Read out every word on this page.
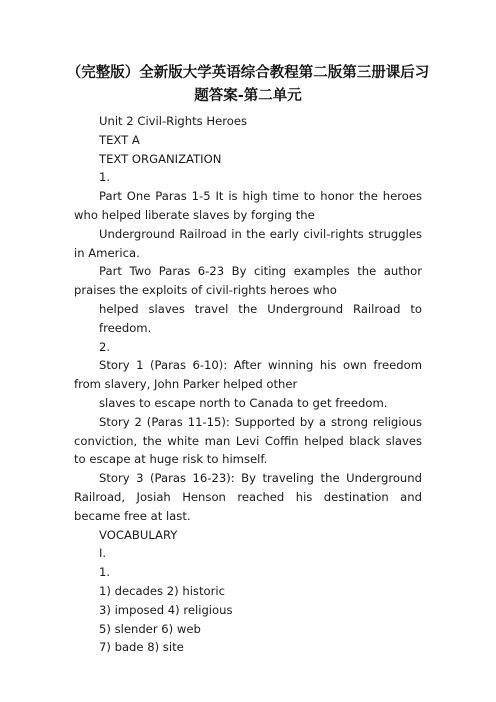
（完整版）全新版大学英语综合教程第二版第三册课后习题答案-第二单元

Unit 2 Civil-Rights Heroes

TEXT A

TEXT ORGANIZATION

1.

Part One Paras 1-5 It is high time to honor the heroes who helped liberate slaves by forging the

Underground Railroad in the early civil-rights struggles in America.

Part Two Paras 6-23 By citing examples the author praises the exploits of civil-rights heroes who

helped slaves travel the Underground Railroad to freedom.

2.

Story 1 (Paras 6-10): After winning his own freedom from slavery, John Parker helped other

slaves to escape north to Canada to get freedom.

Story 2 (Paras 11-15): Supported by a strong religious conviction, the white man Levi Coffin helped black slaves to escape at huge risk to himself.

Story 3 (Paras 16-23): By traveling the Underground Railroad, Josiah Henson reached his destination and became free at last.

VOCABULARY

I.

1.

1) decades 2) historic

3) imposed 4) religious

5) slender 6) web

7) bade 8) site
